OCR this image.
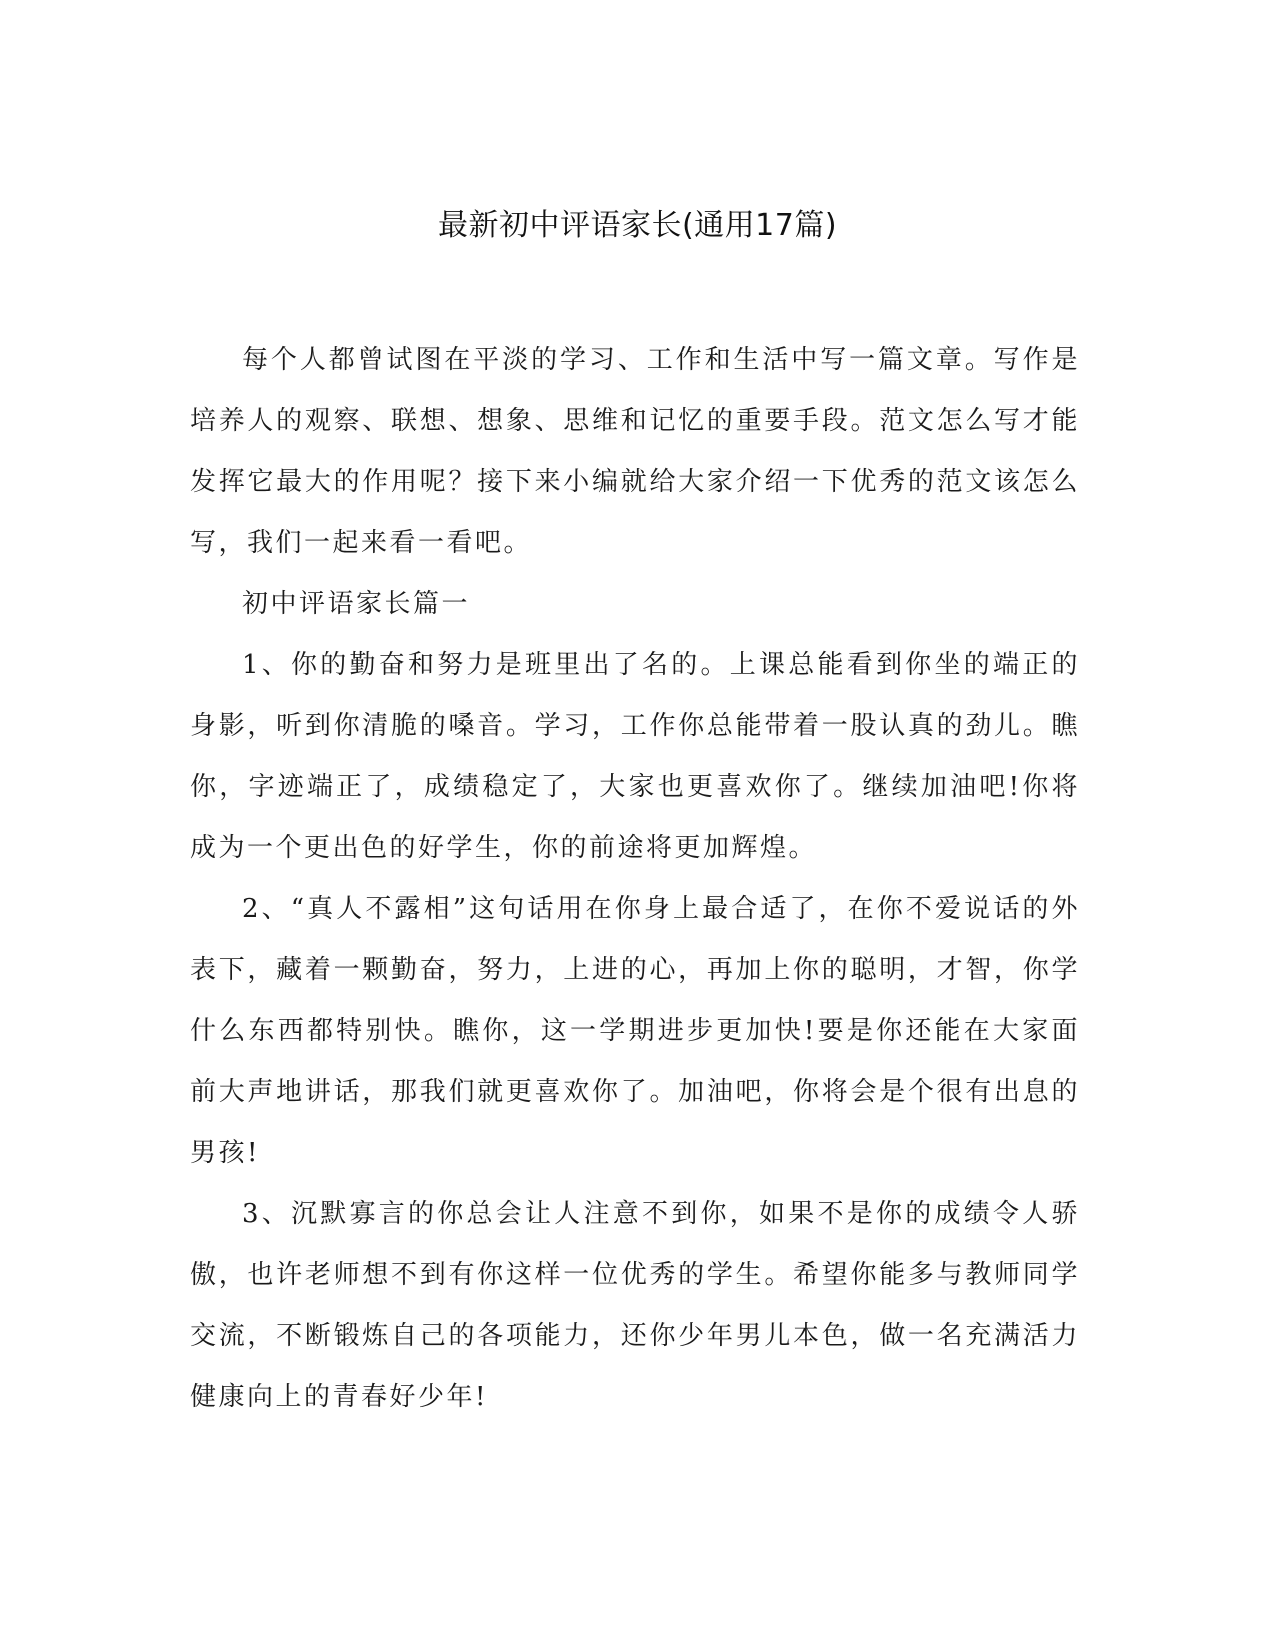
最新初中评语家长(通用17篇)

每个人都曾试图在平淡的学习、工作和生活中写一篇文章。写作是培养人的观察、联想、想象、思维和记忆的重要手段。范文怎么写才能发挥它最大的作用呢？接下来小编就给大家介绍一下优秀的范文该怎么写，我们一起来看一看吧。

初中评语家长篇一

1、你的勤奋和努力是班里出了名的。上课总能看到你坐的端正的身影，听到你清脆的嗓音。学习，工作你总能带着一股认真的劲儿。瞧你，字迹端正了，成绩稳定了，大家也更喜欢你了。继续加油吧!你将成为一个更出色的好学生，你的前途将更加辉煌。

2、“真人不露相”这句话用在你身上最合适了，在你不爱说话的外表下，藏着一颗勤奋，努力，上进的心，再加上你的聪明，才智，你学什么东西都特别快。瞧你，这一学期进步更加快!要是你还能在大家面前大声地讲话，那我们就更喜欢你了。加油吧，你将会是个很有出息的男孩!

3、沉默寡言的你总会让人注意不到你，如果不是你的成绩令人骄傲，也许老师想不到有你这样一位优秀的学生。希望你能多与教师同学交流，不断锻炼自己的各项能力，还你少年男儿本色，做一名充满活力健康向上的青春好少年!
